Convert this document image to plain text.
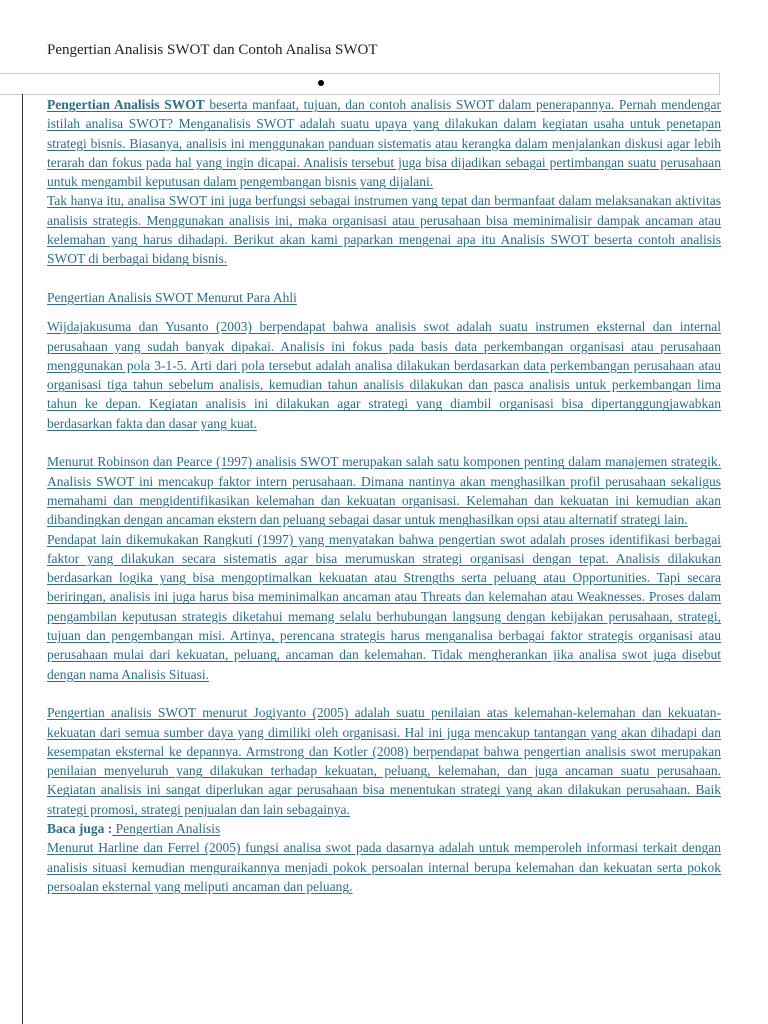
Pengertian Analisis SWOT dan Contoh Analisa SWOT

Pengertian Analisis SWOT beserta manfaat, tujuan, dan contoh analisis SWOT dalam penerapannya. Pernah mendengar istilah analisa SWOT? Menganalisis SWOT adalah suatu upaya yang dilakukan dalam kegiatan usaha untuk penetapan strategi bisnis. Biasanya, analisis ini menggunakan panduan sistematis atau kerangka dalam menjalankan diskusi agar lebih terarah dan fokus pada hal yang ingin dicapai. Analisis tersebut juga bisa dijadikan sebagai pertimbangan suatu perusahaan untuk mengambil keputusan dalam pengembangan bisnis yang dijalani.

Tak hanya itu, analisa SWOT ini juga berfungsi sebagai instrumen yang tepat dan bermanfaat dalam melaksanakan aktivitas analisis strategis. Menggunakan analisis ini, maka organisasi atau perusahaan bisa meminimalisir dampak ancaman atau kelemahan yang harus dihadapi. Berikut akan kami paparkan mengenai apa itu Analisis SWOT beserta contoh analisis SWOT di berbagai bidang bisnis.

Pengertian Analisis SWOT Menurut Para Ahli

Wijdajakusuma dan Yusanto (2003) berpendapat bahwa analisis swot adalah suatu instrumen eksternal dan internal perusahaan yang sudah banyak dipakai. Analisis ini fokus pada basis data perkembangan organisasi atau perusahaan menggunakan pola 3-1-5. Arti dari pola tersebut adalah analisa dilakukan berdasarkan data perkembangan perusahaan atau organisasi tiga tahun sebelum analisis, kemudian tahun analisis dilakukan dan pasca analisis untuk perkembangan lima tahun ke depan. Kegiatan analisis ini dilakukan agar strategi yang diambil organisasi bisa dipertanggungjawabkan berdasarkan fakta dan dasar yang kuat.

Menurut Robinson dan Pearce (1997) analisis SWOT merupakan salah satu komponen penting dalam manajemen strategik. Analisis SWOT ini mencakup faktor intern perusahaan. Dimana nantinya akan menghasilkan profil perusahaan sekaligus memahami dan mengidentifikasikan kelemahan dan kekuatan organisasi. Kelemahan dan kekuatan ini kemudian akan dibandingkan dengan ancaman ekstern dan peluang sebagai dasar untuk menghasilkan opsi atau alternatif strategi lain.

Pendapat lain dikemukakan Rangkuti (1997) yang menyatakan bahwa pengertian swot adalah proses identifikasi berbagai faktor yang dilakukan secara sistematis agar bisa merumuskan strategi organisasi dengan tepat. Analisis dilakukan berdasarkan logika yang bisa mengoptimalkan kekuatan atau Strengths serta peluang atau Opportunities. Tapi secara beriringan, analisis ini juga harus bisa meminimalkan ancaman atau Threats dan kelemahan atau Weaknesses. Proses dalam pengambilan keputusan strategis diketahui memang selalu berhubungan langsung dengan kebijakan perusahaan, strategi, tujuan dan pengembangan misi. Artinya, perencana strategis harus menganalisa berbagai faktor strategis organisasi atau perusahaan mulai dari kekuatan, peluang, ancaman dan kelemahan. Tidak mengherankan jika analisa swot juga disebut dengan nama Analisis Situasi.

Pengertian analisis SWOT menurut Jogiyanto (2005) adalah suatu penilaian atas kelemahan-kelemahan dan kekuatan-kekuatan dari semua sumber daya yang dimiliki oleh organisasi. Hal ini juga mencakup tantangan yang akan dihadapi dan kesempatan eksternal ke depannya. Armstrong dan Kotler (2008) berpendapat bahwa pengertian analisis swot merupakan penilaian menyeluruh yang dilakukan terhadap kekuatan, peluang, kelemahan, dan juga ancaman suatu perusahaan. Kegiatan analisis ini sangat diperlukan agar perusahaan bisa menentukan strategi yang akan dilakukan perusahaan. Baik strategi promosi, strategi penjualan dan lain sebagainya.

Baca juga : Pengertian Analisis

Menurut Harline dan Ferrel (2005) fungsi analisa swot pada dasarnya adalah untuk memperoleh informasi terkait dengan analisis situasi kemudian menguraikannya menjadi pokok persoalan internal berupa kelemahan dan kekuatan serta pokok persoalan eksternal yang meliputi ancaman dan peluang.
